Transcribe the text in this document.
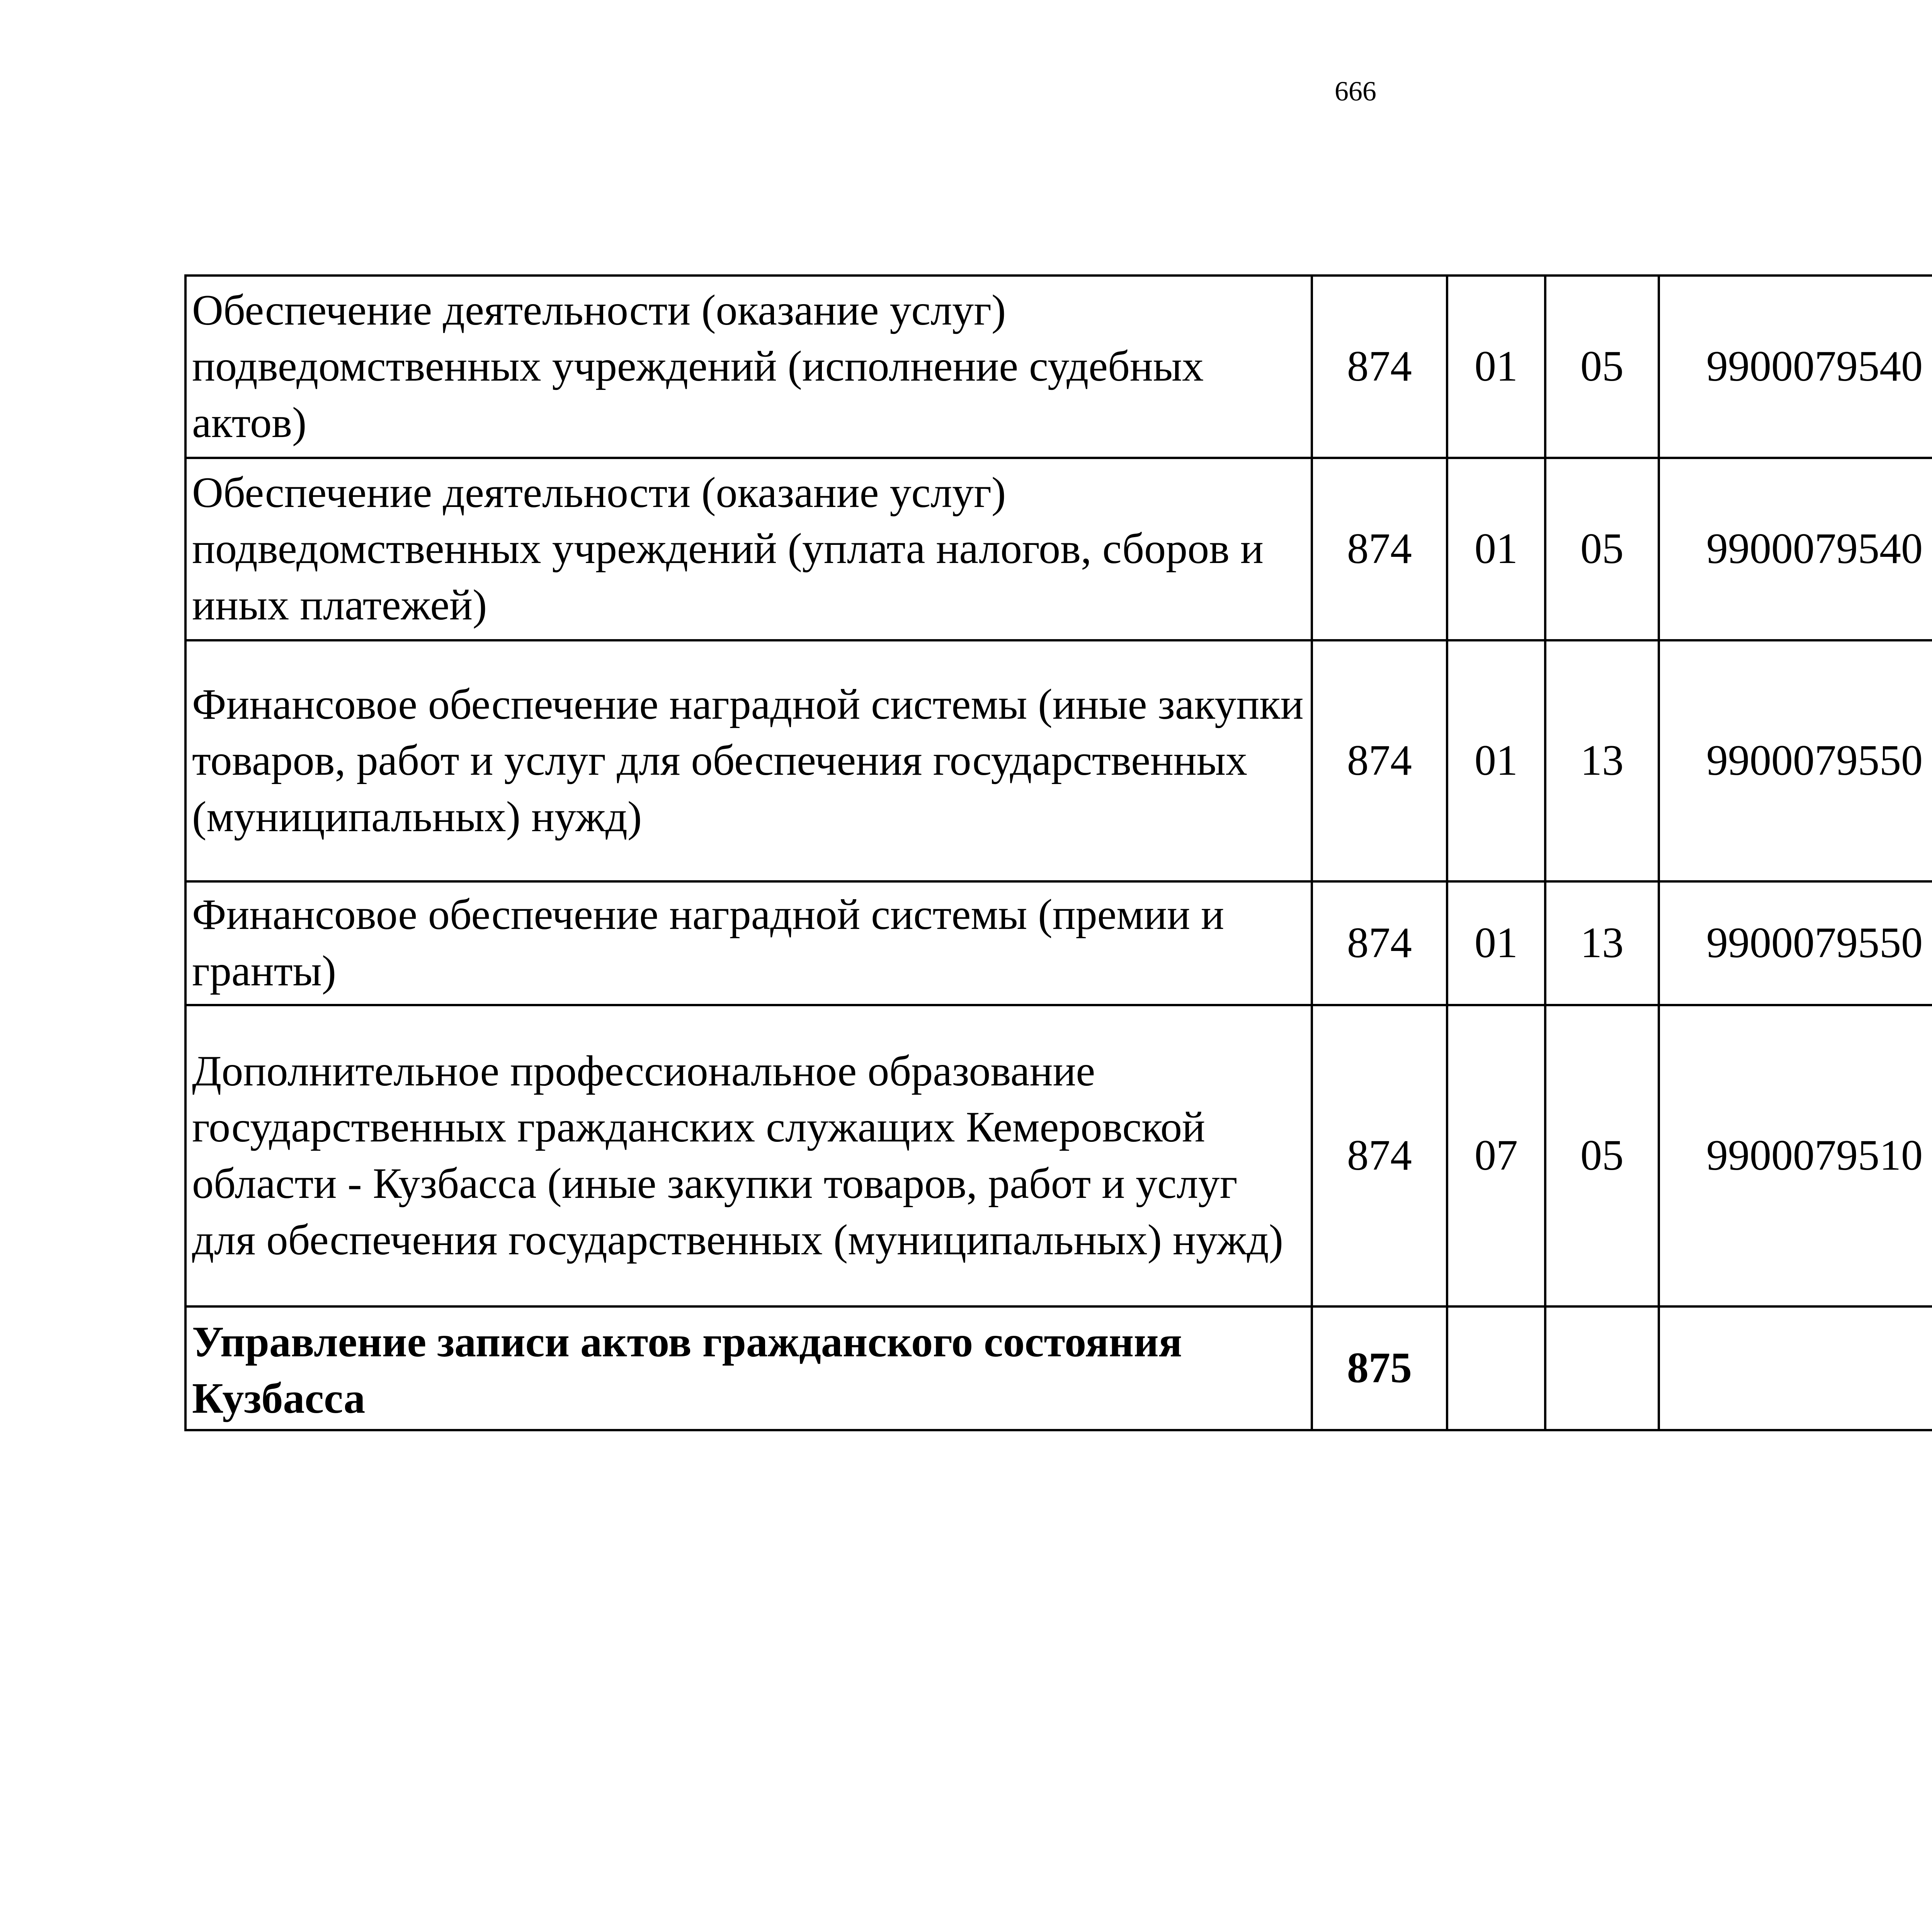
666
Обеспечение деятельности (оказание услуг) подведомственных учреждений (исполнение судебных актов)	874	01	05	9900079540		
Обеспечение деятельности (оказание услуг) подведомственных учреждений (уплата налогов, сборов и иных платежей)	874	01	05	9900079540		
Финансовое обеспечение наградной системы (иные закупки товаров, работ и услуг для обеспечения государственных (муниципальных) нужд)	874	01	13	9900079550		
Финансовое обеспечение наградной системы (премии и гранты)	874	01	13	9900079550		
Дополнительное профессиональное образование государственных гражданских служащих Кемеровской области - Кузбасса (иные закупки товаров, работ и услуг для обеспечения государственных (муниципальных) нужд)	874	07	05	9900079510		
Управление записи актов гражданского состояния Кузбасса	875					
